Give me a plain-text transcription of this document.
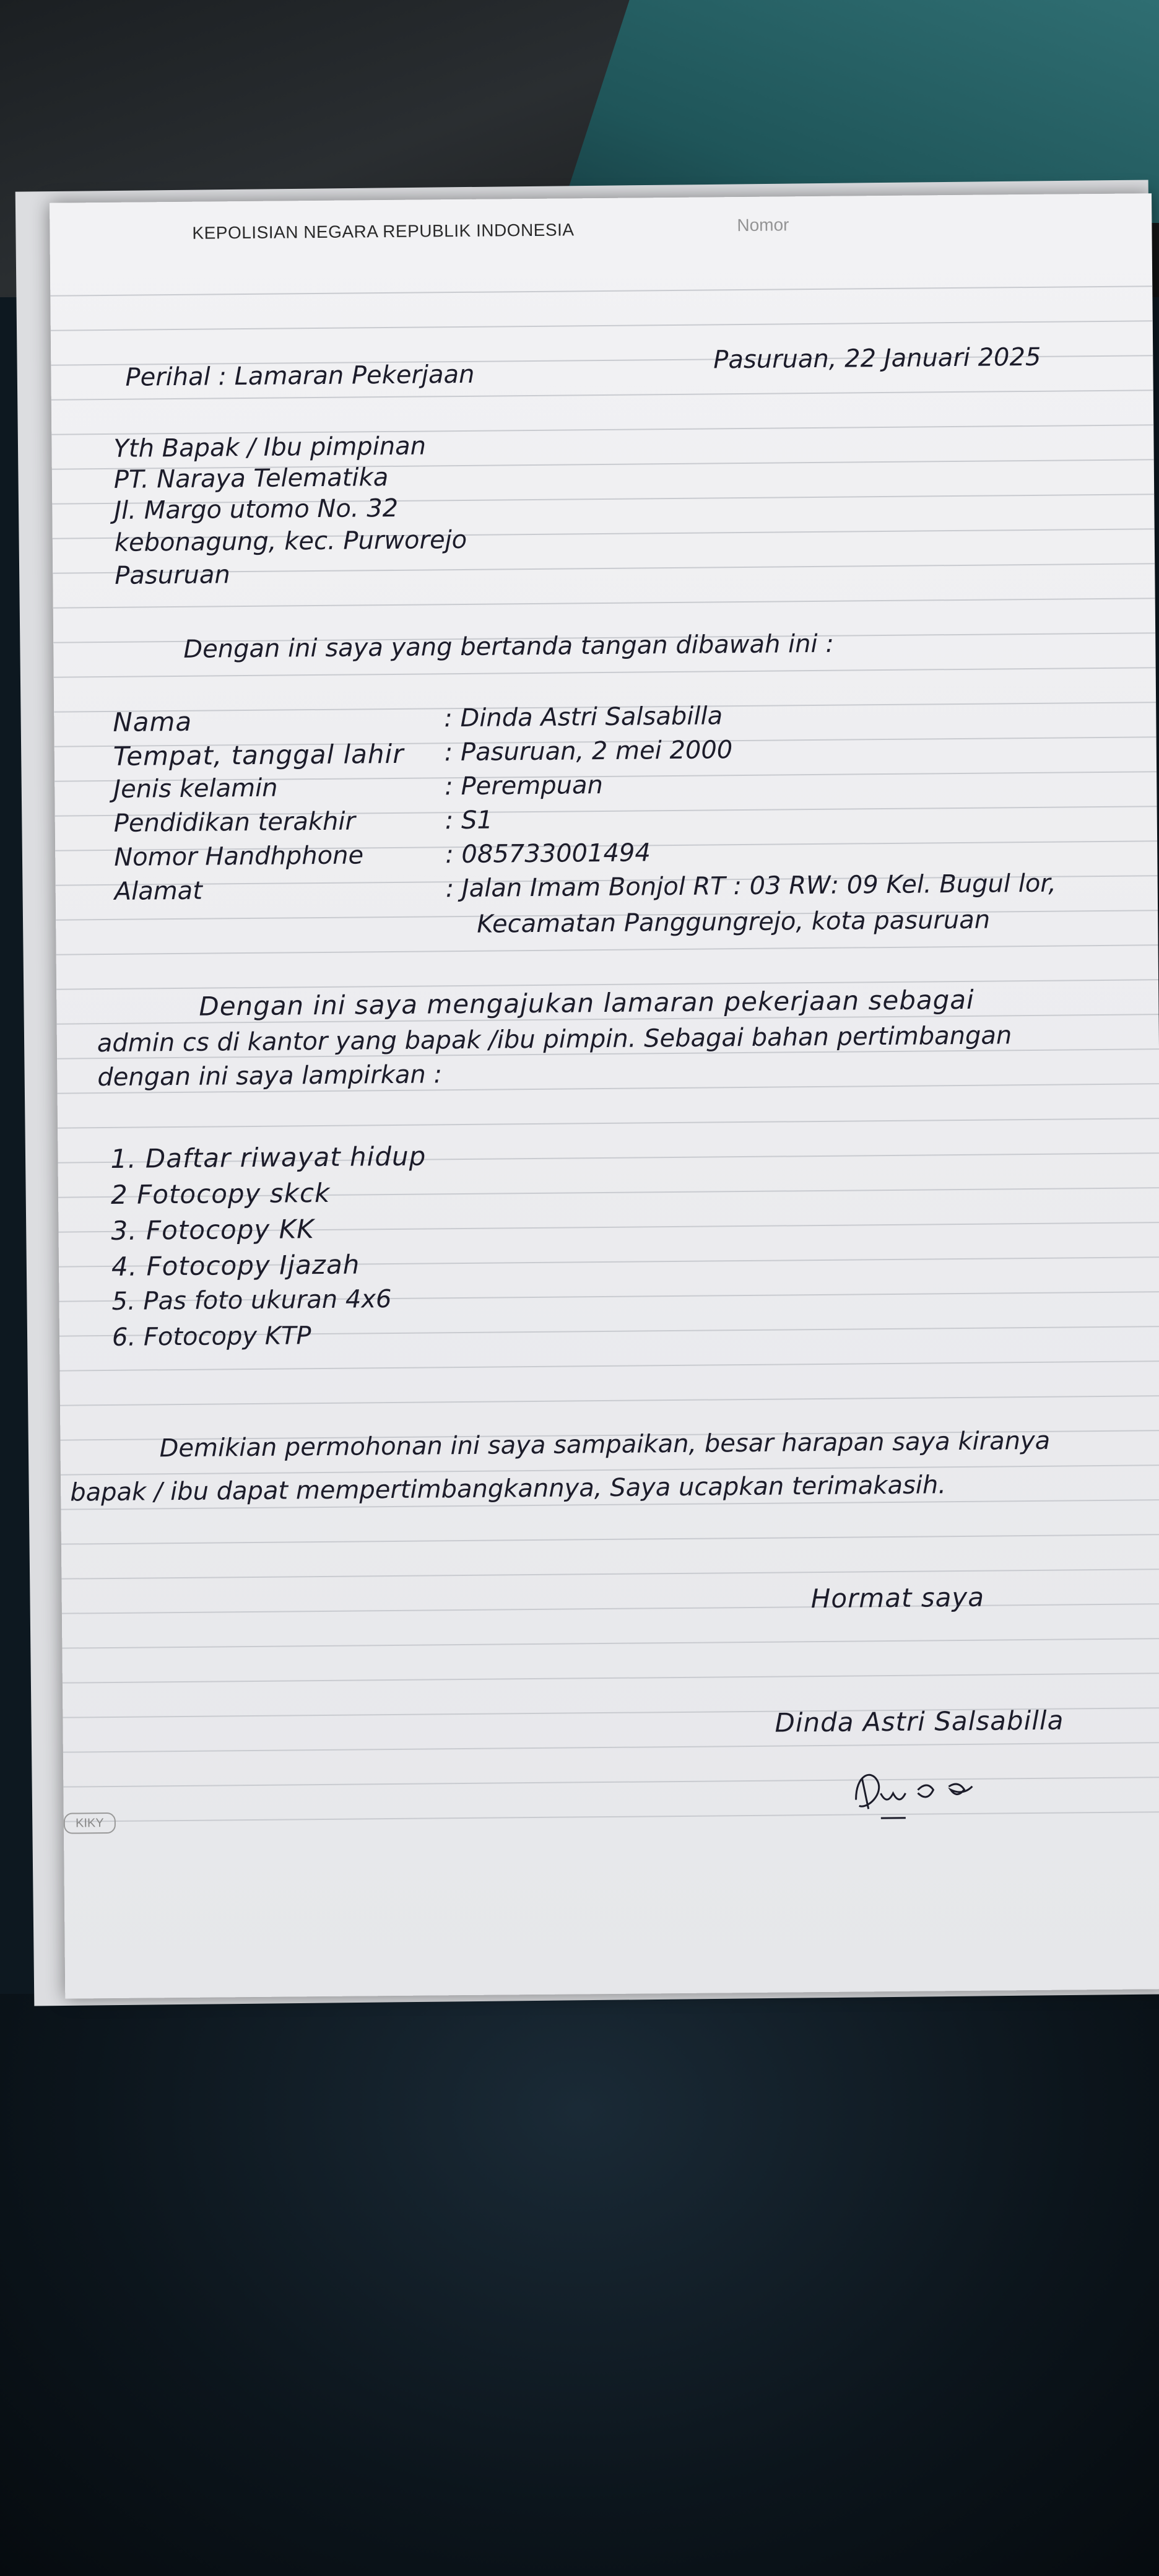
KEPOLISIAN NEGARA REPUBLIK INDONESIA	Nomor
Perihal : Lamaran Pekerjaan
Pasuruan, 22 Januari 2025
Yth Bapak / Ibu pimpinan
PT. Naraya Telematika
Jl. Margo utomo No. 32
kebonagung, kec. Purworejo
Pasuruan
Dengan ini saya yang bertanda tangan dibawah ini :
Nama	: Dinda Astri Salsabilla
Tempat, tanggal lahir : Pasuruan, 2 mei 2000
Jenis kelamin	: Perempuan
Pendidikan terakhir	: S1
Nomor Handhphone	: 085733001494
Alamat	: Jalan Imam Bonjol RT : 03 RW: 09 Kel. Bugul lor,
Kecamatan Panggungrejo, kota pasuruan
Dengan ini saya mengajukan lamaran pekerjaan sebagai
admin cs di kantor yang bapak /ibu pimpin. Sebagai bahan pertimbangan
dengan ini saya lampirkan :
1. Daftar riwayat hidup
2 Fotocopy skck
3. Fotocopy KK
4. Fotocopy Ijazah
5. Pas foto ukuran 4x6
6. Fotocopy KTP
Demikian permohonan ini saya sampaikan, besar harapan saya kiranya
bapak / ibu dapat mempertimbangkannya, Saya ucapkan terimakasih.
Hormat saya
Dinda Astri Salsabilla
KIKY
